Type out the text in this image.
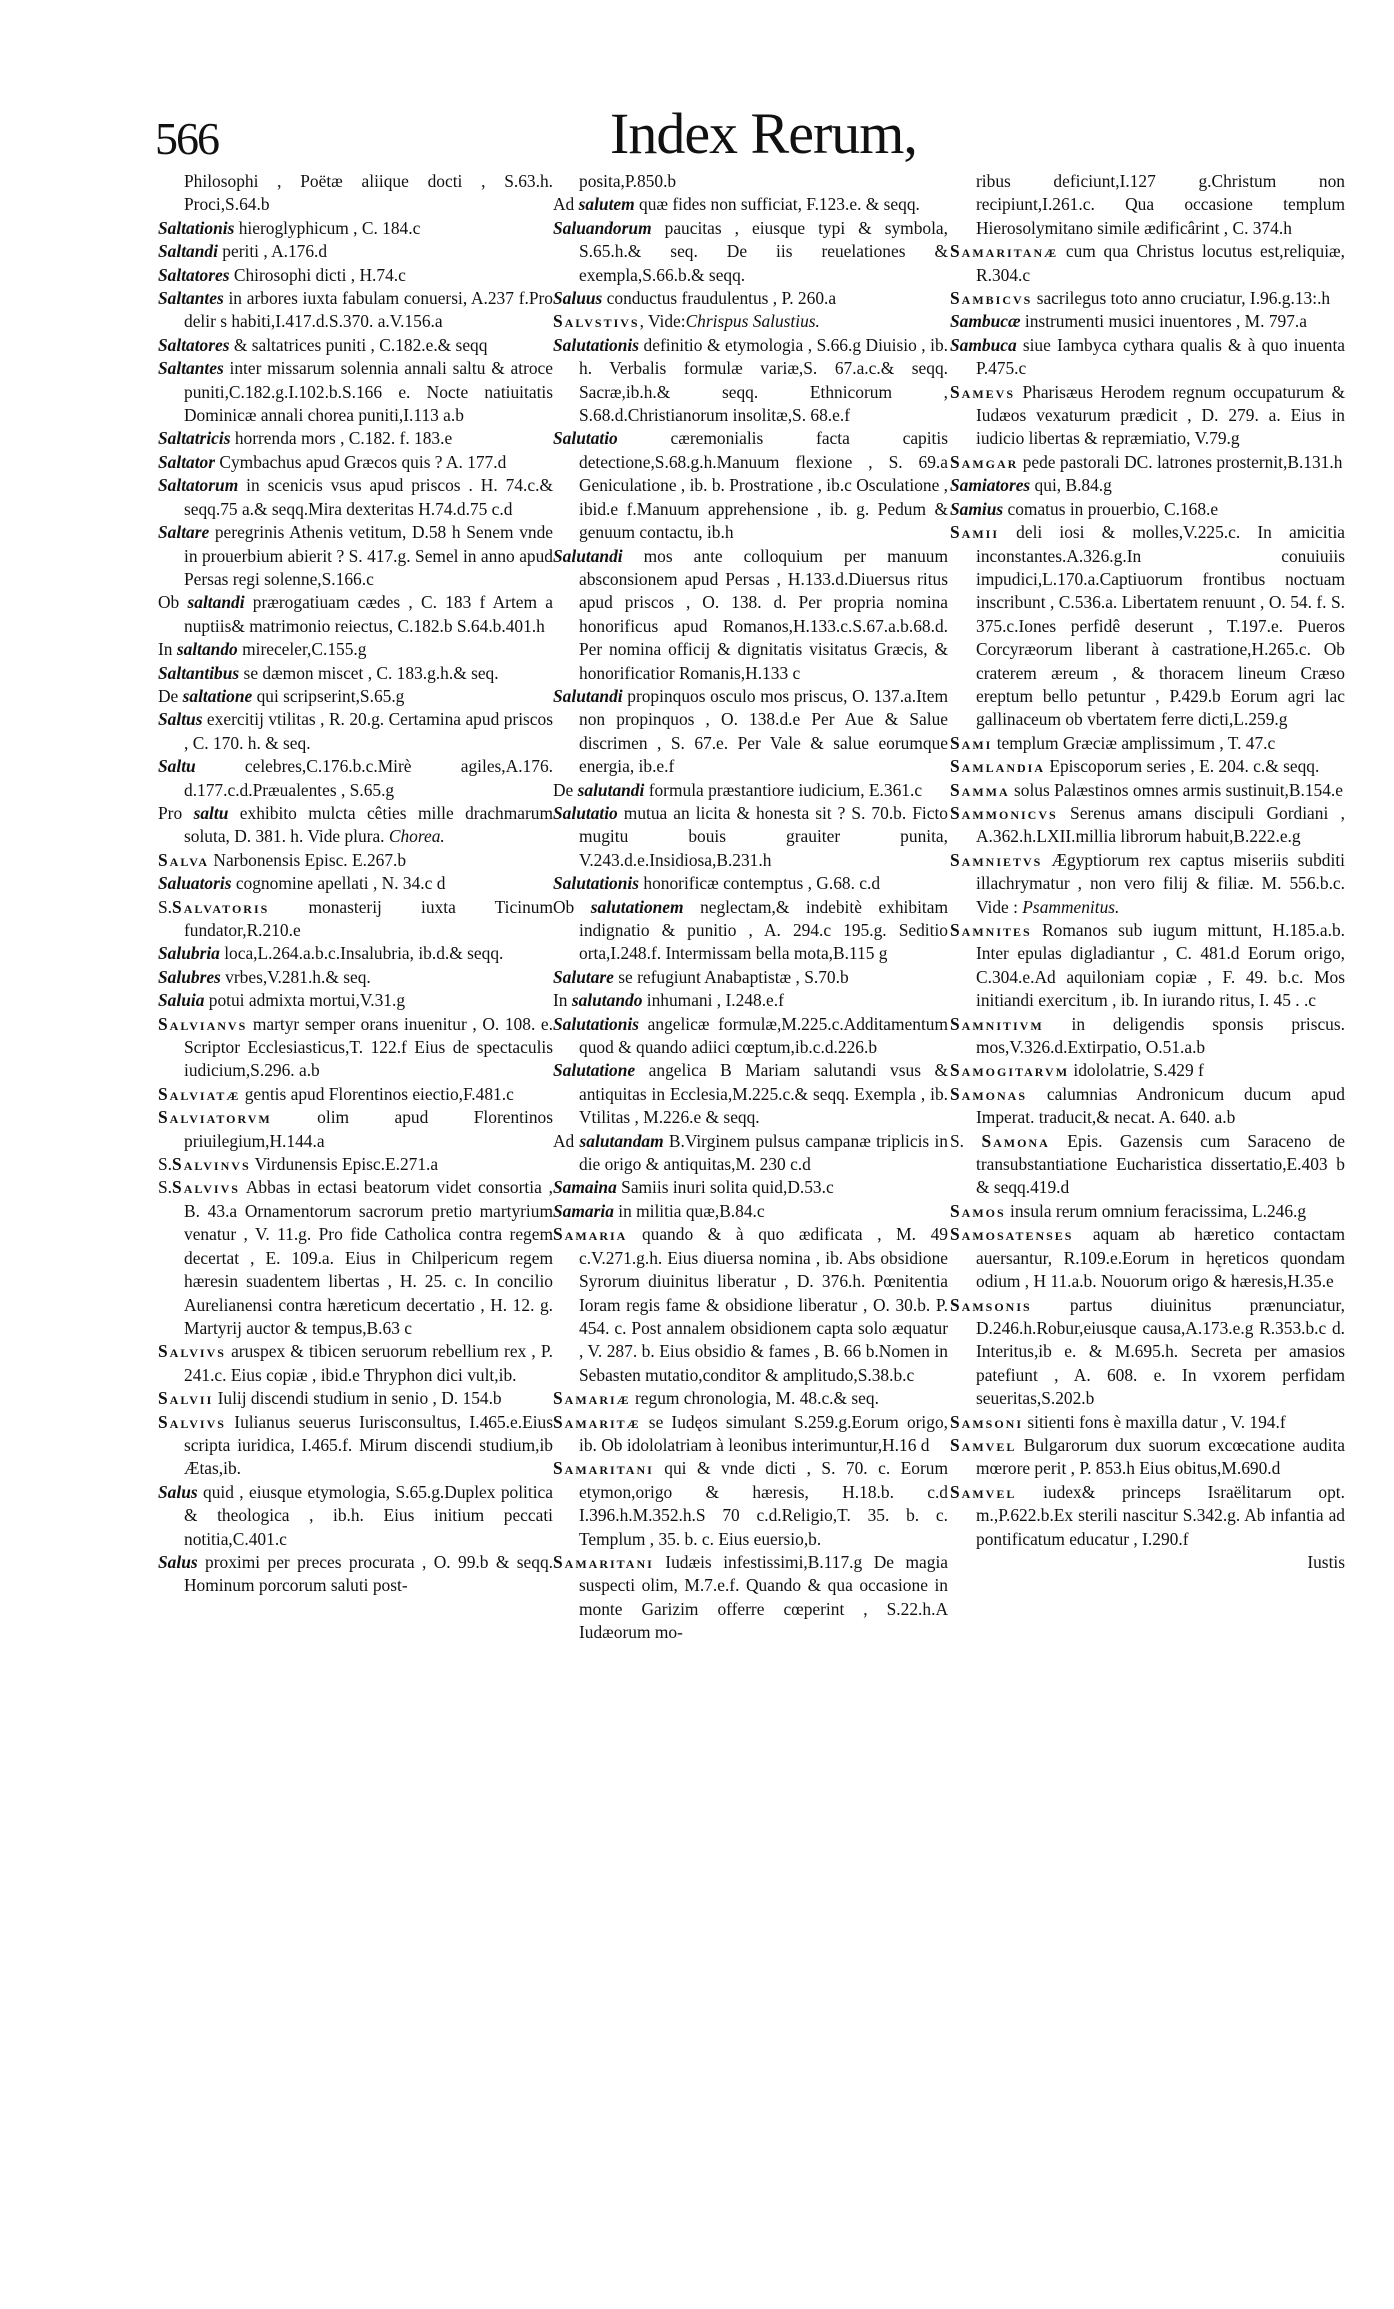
566	Index Rerum,

Philosophi , Poëtæ aliique docti , S.63.h. Proci,S.64.b

Saltationis hieroglyphicum , C. 184.c

Saltandi periti , A.176.d

Saltatores Chirosophi dicti , H.74.c

Saltantes in arbores iuxta fabulam conuersi, A.237 f.Pro delir s habiti,I.417.d.S.370. a.V.156.a

Saltatores & saltatrices puniti , C.182.e.& seqq

Saltantes inter missarum solennia annali saltu & atroce puniti,C.182.g.I.102.b.S.166 e. Nocte natiuitatis Dominicæ annali chorea puniti,I.113 a.b

Saltatricis horrenda mors , C.182. f. 183.e

Saltator Cymbachus apud Græcos quis ? A. 177.d

Saltatorum in scenicis vsus apud priscos . H. 74.c.& seqq.75 a.& seqq.Mira dexteritas H.74.d.75 c.d

Saltare peregrinis Athenis vetitum, D.58 h Senem vnde in prouerbium abierit ? S. 417.g. Semel in anno apud Persas regi solenne,S.166.c

Ob saltandi prærogatiuam cædes , C. 183 f Artem a nuptiis& matrimonio reiectus, C.182.b S.64.b.401.h

In saltando mireceler,C.155.g

Saltantibus se dæmon miscet , C. 183.g.h.& seq.

De saltatione qui scripserint,S.65.g

Saltus exercitij vtilitas , R. 20.g. Certamina apud priscos , C. 170. h. & seq.

Saltu celebres,C.176.b.c.Mirè agiles,A.176. d.177.c.d.Præualentes , S.65.g

Pro saltu exhibito mulcta cêties mille drachmarum soluta, D. 381. h. Vide plura. Chorea.

Salva Narbonensis Episc. E.267.b

Saluatoris cognomine apellati , N. 34.c d

S.Salvatoris monasterij iuxta Ticinum fundator,R.210.e

Salubria loca,L.264.a.b.c.Insalubria, ib.d.& seqq.

Salubres vrbes,V.281.h.& seq.

Saluia potui admixta mortui,V.31.g

Salvianvs martyr semper orans inuenitur , O. 108. e. Scriptor Ecclesiasticus,T. 122.f Eius de spectaculis iudicium,S.296. a.b

Salviatæ gentis apud Florentinos eiectio,F.481.c

Salviatorvm olim apud Florentinos priuilegium,H.144.a

S.Salvinvs Virdunensis Episc.E.271.a

S.Salvivs Abbas in ectasi beatorum videt consortia , B. 43.a Ornamentorum sacrorum pretio martyrium venatur , V. 11.g. Pro fide Catholica contra regem decertat , E. 109.a. Eius in Chilpericum regem hæresin suadentem libertas , H. 25. c. In concilio Aurelianensi contra hæreticum decertatio , H. 12. g. Martyrij auctor & tempus,B.63 c

Salvivs aruspex & tibicen seruorum rebellium rex , P. 241.c. Eius copiæ , ibid.e Thryphon dici vult,ib.

Salvii Iulij discendi studium in senio , D. 154.b

Salvivs Iulianus seuerus Iurisconsultus, I.465.e.Eius scripta iuridica, I.465.f. Mirum discendi studium,ib Ætas,ib.

Salus quid , eiusque etymologia, S.65.g.Duplex politica & theologica , ib.h. Eius initium peccati notitia,C.401.c

Salus proximi per preces procurata , O. 99.b & seqq. Hominum porcorum saluti post-

posita,P.850.b

Ad salutem quæ fides non sufficiat, F.123.e. & seqq.

Saluandorum paucitas , eiusque typi & symbola, S.65.h.& seq. De iis reuelationes & exempla,S.66.b.& seqq.

Saluus conductus fraudulentus , P. 260.a

Salvstivs, Vide:Chrispus Salustius.

Salutationis definitio & etymologia , S.66.g Diuisio , ib. h. Verbalis formulæ variæ,S. 67.a.c.& seqq. Sacræ,ib.h.& seqq. Ethnicorum , S.68.d.Christianorum insolitæ,S. 68.e.f

Salutatio cæremonialis facta capitis detectione,S.68.g.h.Manuum flexione , S. 69.a Geniculatione , ib. b. Prostratione , ib.c Osculatione , ibid.e f.Manuum apprehensione , ib. g. Pedum & genuum contactu, ib.h

Salutandi mos ante colloquium per manuum absconsionem apud Persas , H.133.d.Diuersus ritus apud priscos , O. 138. d. Per propria nomina honorificus apud Romanos,H.133.c.S.67.a.b.68.d. Per nomina officij & dignitatis visitatus Græcis, & honorificatior Romanis,H.133 c

Salutandi propinquos osculo mos priscus, O. 137.a.Item non propinquos , O. 138.d.e Per Aue & Salue discrimen , S. 67.e. Per Vale & salue eorumque energia, ib.e.f

De salutandi formula præstantiore iudicium, E.361.c

Salutatio mutua an licita & honesta sit ? S. 70.b. Ficto mugitu bouis grauiter punita, V.243.d.e.Insidiosa,B.231.h

Salutationis honorificæ contemptus , G.68. c.d

Ob salutationem neglectam,& indebitè exhibitam indignatio & punitio , A. 294.c 195.g. Seditio orta,I.248.f. Intermissam bella mota,B.115 g

Salutare se refugiunt Anabaptistæ , S.70.b

In salutando inhumani , I.248.e.f

Salutationis angelicæ formulæ,M.225.c.Additamentum quod & quando adiici cœptum,ib.c.d.226.b

Salutatione angelica B Mariam salutandi vsus & antiquitas in Ecclesia,M.225.c.& seqq. Exempla , ib. Vtilitas , M.226.e & seqq.

Ad salutandam B.Virginem pulsus campanæ triplicis in die origo & antiquitas,M. 230 c.d

Samaina Samiis inuri solita quid,D.53.c

Samaria in militia quæ,B.84.c

Samaria quando & à quo ædificata , M. 49 c.V.271.g.h. Eius diuersa nomina , ib. Abs obsidione Syrorum diuinitus liberatur , D. 376.h. Pœnitentia Ioram regis fame & obsidione liberatur , O. 30.b. P. 454. c. Post annalem obsidionem capta solo æquatur , V. 287. b. Eius obsidio & fames , B. 66 b.Nomen in Sebasten mutatio,conditor & amplitudo,S.38.b.c

Samariæ regum chronologia, M. 48.c.& seq.

Samaritæ se Iudęos simulant S.259.g.Eorum origo, ib. Ob idololatriam à leonibus interimuntur,H.16 d

Samaritani qui & vnde dicti , S. 70. c. Eorum etymon,origo & hæresis, H.18.b. c.d I.396.h.M.352.h.S 70 c.d.Religio,T. 35. b. c. Templum , 35. b. c. Eius euersio,b.

Samaritani Iudæis infestissimi,B.117.g De magia suspecti olim, M.7.e.f. Quando & qua occasione in monte Garizim offerre cœperint , S.22.h.A Iudæorum mo-

ribus deficiunt,I.127 g.Christum non recipiunt,I.261.c. Qua occasione templum Hierosolymitano simile ædificârint , C. 374.h

Samaritanæ cum qua Christus locutus est,reliquiæ, R.304.c

Sambicvs sacrilegus toto anno cruciatur, I.96.g.13:.h

Sambucæ instrumenti musici inuentores , M. 797.a

Sambuca siue Iambyca cythara qualis & à quo inuenta P.475.c

Samevs Pharisæus Herodem regnum occupaturum & Iudæos vexaturum prædicit , D. 279. a. Eius in iudicio libertas & repræmiatio, V.79.g

Samgar pede pastorali DC. latrones prosternit,B.131.h

Samiatores qui, B.84.g

Samius comatus in prouerbio, C.168.e

Samii deli iosi & molles,V.225.c. In amicitia inconstantes.A.326.g.In conuiuiis impudici,L.170.a.Captiuorum frontibus noctuam inscribunt , C.536.a. Libertatem renuunt , O. 54. f. S. 375.c.Iones perfidê deserunt , T.197.e. Pueros Corcyræorum liberant à castratione,H.265.c. Ob craterem æreum , & thoracem lineum Cræso ereptum bello petuntur , P.429.b Eorum agri lac gallinaceum ob vbertatem ferre dicti,L.259.g

Sami templum Græciæ amplissimum , T. 47.c

Samlandia Episcoporum series , E. 204. c.& seqq.

Samma solus Palæstinos omnes armis sustinuit,B.154.e

Sammonicvs Serenus amans discipuli Gordiani , A.362.h.LXII.millia librorum habuit,B.222.e.g

Samnietvs Ægyptiorum rex captus miseriis subditi illachrymatur , non vero filij & filiæ. M. 556.b.c. Vide : Psammenitus.

Samnites Romanos sub iugum mittunt, H.185.a.b. Inter epulas digladiantur , C. 481.d Eorum origo, C.304.e.Ad aquiloniam copiæ , F. 49. b.c. Mos initiandi exercitum , ib. In iurando ritus, I. 45 . .c

Samnitivm in deligendis sponsis priscus. mos,V.326.d.Extirpatio, O.51.a.b

Samogitarvm idololatrie, S.429 f

Samonas calumnias Andronicum ducum apud Imperat. traducit,& necat. A. 640. a.b

S. Samona Epis. Gazensis cum Saraceno de transubstantiatione Eucharistica dissertatio,E.403 b & seqq.419.d

Samos insula rerum omnium feracissima, L.246.g

Samosatenses aquam ab hæretico contactam auersantur, R.109.e.Eorum in hęreticos quondam odium , H 11.a.b. Nouorum origo & hæresis,H.35.e

Samsonis partus diuinitus prænunciatur, D.246.h.Robur,eiusque causa,A.173.e.g R.353.b.c d. Interitus,ib e. & M.695.h. Secreta per amasios patefiunt , A. 608. e. In vxorem perfidam seueritas,S.202.b

Samsoni sitienti fons è maxilla datur , V. 194.f

Samvel Bulgarorum dux suorum excœcatione audita mœrore perit , P. 853.h Eius obitus,M.690.d

Samvel iudex& princeps Israëlitarum opt. m.,P.622.b.Ex sterili nascitur S.342.g. Ab infantia ad pontificatum educatur , I.290.f

Iustis
